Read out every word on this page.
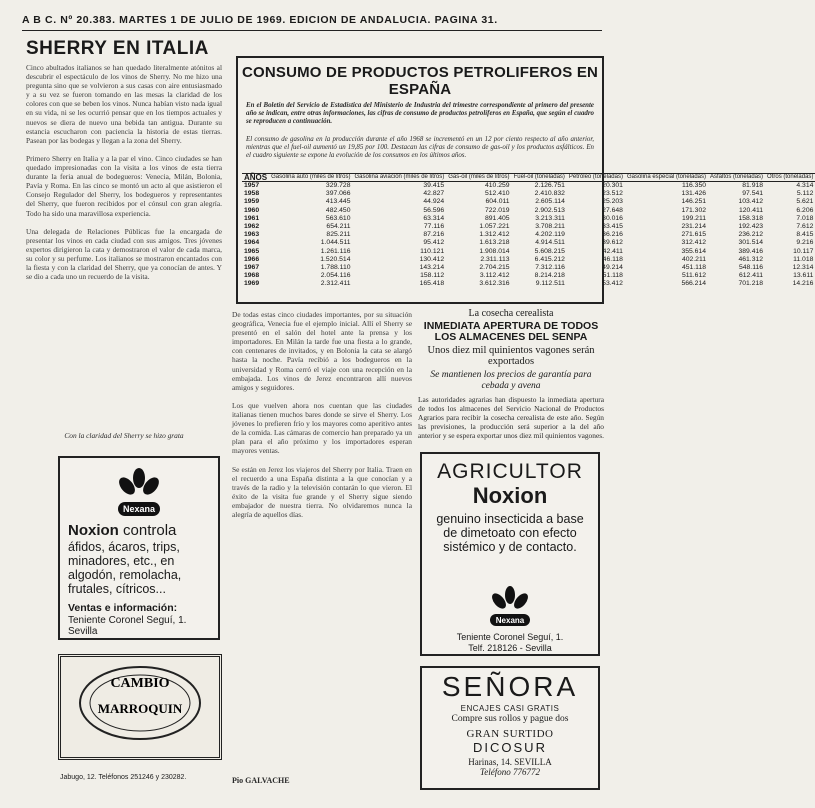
A B C. Nº 20.383. MARTES 1 DE JULIO DE 1969. EDICION DE ANDALUCIA. PAGINA 31.
SHERRY EN ITALIA
Cinco abultados italianos se han quedado literalmente atónitos al descubrir el espectáculo de los vinos de Sherry. No me hizo una pregunta sino que se volvieron a sus casas con aire entusiasmado y a su vez se fueron tomando en las mesas la claridad de los colores con que se beben los vinos. Nunca habían visto nada igual en su vida, ni se les ocurrió pensar que en los tiempos actuales y nuevos se diera de nuevo una bebida tan antigua. Durante su estancia escucharon con paciencia la historia de estas tierras. Pasean por las bodegas y llegan a la zona del Sherry.

Primero Sherry en Italia y a la par el vino. Cinco ciudades se han quedado impresionadas con la visita a los vinos de esta tierra durante la feria anual de bodegueros: Venecia, Milán, Bolonia, Pavía y Roma. En las cinco se montó un acto al que asistieron el Consejo Regulador del Sherry, los bodegueros y representantes del Sherry, que fueron recibidos por el cónsul con gran alegría. Todo ha sido una maravillosa experiencia.

Una delegada de Relaciones Públicas fue la encargada de presentar los vinos en cada ciudad con sus amigos. Tres jóvenes expertos dirigieron la cata y demostraron el valor de cada marca, su color y su perfume. Los italianos se mostraron encantados con la fiesta y con la claridad del Sherry, que ya conocían de antes. Y se dio a cada uno un recuerdo de la visita.
Con la claridad del Sherry se hizo grata
Nexana
Noxion controla
áfidos, ácaros, trips, minadores, etc., en algodón, remolacha, frutales, cítricos...
Ventas e información:
Teniente Coronel Seguí, 1.
Sevilla
CAMBIO
MARROQUIN
Jabugo, 12. Teléfonos 251246 y 230282.
CONSUMO DE PRODUCTOS PETROLIFEROS EN ESPAÑA
En el Boletín del Servicio de Estadística del Ministerio de Industria del trimestre correspondiente al primero del presente año se indican, entre otras informaciones, las cifras de consumo de productos petrolíferos en España, que según el cuadro se reproducen a continuación.
El consumo de gasolina en la producción durante el año 1968 se incrementó en un 12 por ciento respecto al año anterior, mientras que el fuel-oil aumentó un 19,85 por 100. Destacan las cifras de consumo de gas-oil y los productos asfálticos. En el cuadro siguiente se expone la evolución de los consumos en los últimos años.
AÑOS	Gasolina auto (miles de litros)	Gasolina aviación (miles de litros)	Gas-oil (miles de litros)	Fuel-oil (toneladas)	Petróleo (toneladas)	Gasolina especial (toneladas)	Asfaltos (toneladas)	Otros (toneladas)
1957	329.728	39.415	410.259	2.126.751	20.301	116.350	81.918	4.314
1958	397.066	42.827	512.410	2.410.832	23.512	131.426	97.541	5.112
1959	413.445	44.924	604.011	2.605.114	25.203	146.251	103.412	5.621
1960	482.450	56.596	722.019	2.902.513	27.648	171.302	120.411	6.206
1961	563.610	63.314	891.405	3.213.311	30.016	199.211	158.318	7.018
1962	654.211	77.116	1.057.221	3.708.211	33.415	231.214	192.423	7.612
1963	825.211	87.216	1.312.412	4.202.119	36.216	271.615	236.212	8.415
1964	1.044.511	95.412	1.613.218	4.914.511	39.612	312.412	301.514	9.216
1965	1.261.116	110.121	1.908.014	5.608.215	42.411	355.614	389.416	10.117
1966	1.520.514	130.412	2.311.113	6.415.212	46.118	402.211	461.312	11.018
1967	1.788.110	143.214	2.704.215	7.312.116	49.214	451.118	548.116	12.314
1968	2.054.116	158.112	3.112.412	8.214.218	51.118	511.612	612.411	13.611
1969	2.312.411	165.418	3.612.316	9.112.511	53.412	566.214	701.218	14.216
De todas estas cinco ciudades importantes, por su situación geográfica, Venecia fue el ejemplo inicial. Allí el Sherry se presentó en el salón del hotel ante la prensa y los importadores. En Milán la tarde fue una fiesta a lo grande, con centenares de invitados, y en Bolonia la cata se alargó hasta la noche. Pavía recibió a los bodegueros en la universidad y Roma cerró el viaje con una recepción en la embajada. Los vinos de Jerez encontraron allí nuevos amigos y seguidores.

Los que vuelven ahora nos cuentan que las ciudades italianas tienen muchos bares donde se sirve el Sherry. Los jóvenes lo prefieren frío y los mayores como aperitivo antes de la comida. Las cámaras de comercio han preparado ya un plan para el año próximo y los importadores esperan mayores ventas.

Se están en Jerez los viajeros del Sherry por Italia. Traen en el recuerdo a una España distinta a la que conocían y a través de la radio y la televisión contarán lo que vieron. El éxito de la visita fue grande y el Sherry sigue siendo embajador de nuestra tierra. No olvidaremos nunca la alegría de aquellos días.
Pio GALVACHE
La cosecha cerealista
INMEDIATA APERTURA DE TODOS LOS ALMACENES DEL SENPA
Unos diez mil quinientos vagones serán exportados
Se mantienen los precios de garantía para cebada y avena
Las autoridades agrarias han dispuesto la inmediata apertura de todos los almacenes del Servicio Nacional de Productos Agrarios para recibir la cosecha cerealista de este año. Según las previsiones, la producción será superior a la del año anterior y se espera exportar unos diez mil quinientos vagones.
AGRICULTOR
Noxion
genuino insecticida a base de dimetoato con efecto sistémico y de contacto.
Nexana
Teniente Coronel Seguí, 1.
Telf. 218126 - Sevilla
SEÑORA
ENCAJES CASI GRATIS
Compre sus rollos y pague dos
GRAN SURTIDO
DICOSUR
Harinas, 14. SEVILLA
Teléfono 776772
